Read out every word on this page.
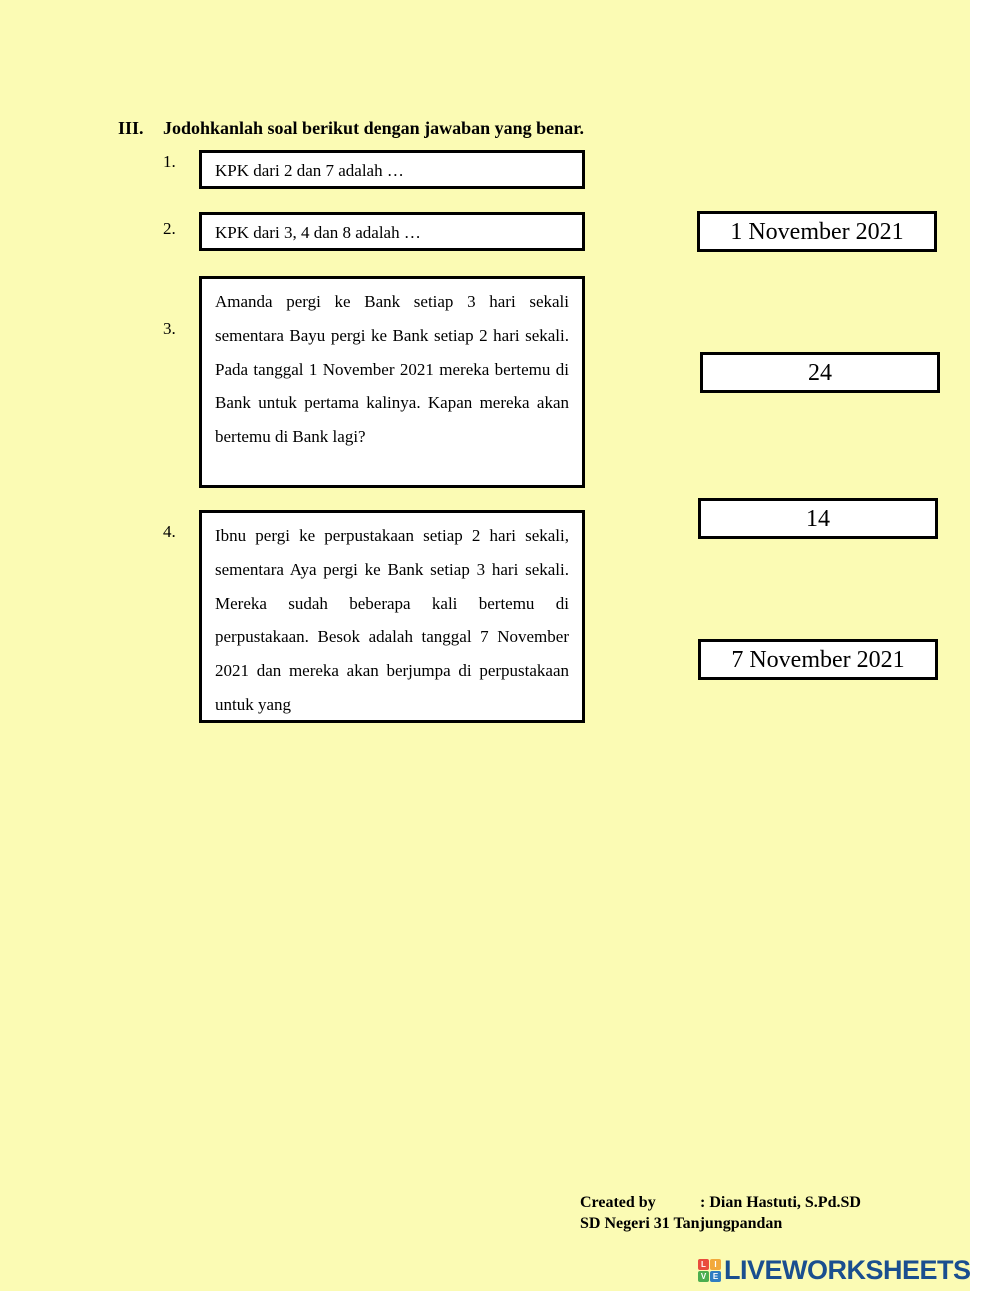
III. Jodohkanlah soal berikut dengan jawaban yang benar.
1.	KPK dari 2 dan 7 adalah …
2.	KPK dari 3, 4 dan 8 adalah …
3.
Amanda pergi ke Bank setiap 3 hari sekali sementara Bayu pergi ke Bank setiap 2 hari sekali. Pada tanggal 1 November 2021 mereka bertemu di Bank untuk pertama kalinya. Kapan mereka akan bertemu di Bank lagi?
4.	Ibnu pergi ke perpustakaan setiap 2 hari sekali, sementara Aya pergi ke Bank setiap 3 hari sekali. Mereka sudah beberapa kali bertemu di perpustakaan. Besok adalah tanggal 7 November 2021 dan mereka akan berjumpa di perpustakaan untuk yang
1 November 2021
24
14
7 November 2021
Created by	: Dian Hastuti, S.Pd.SD
SD Negeri 31 Tanjungpandan
L	I
V E LIVEWORKSHEETS
